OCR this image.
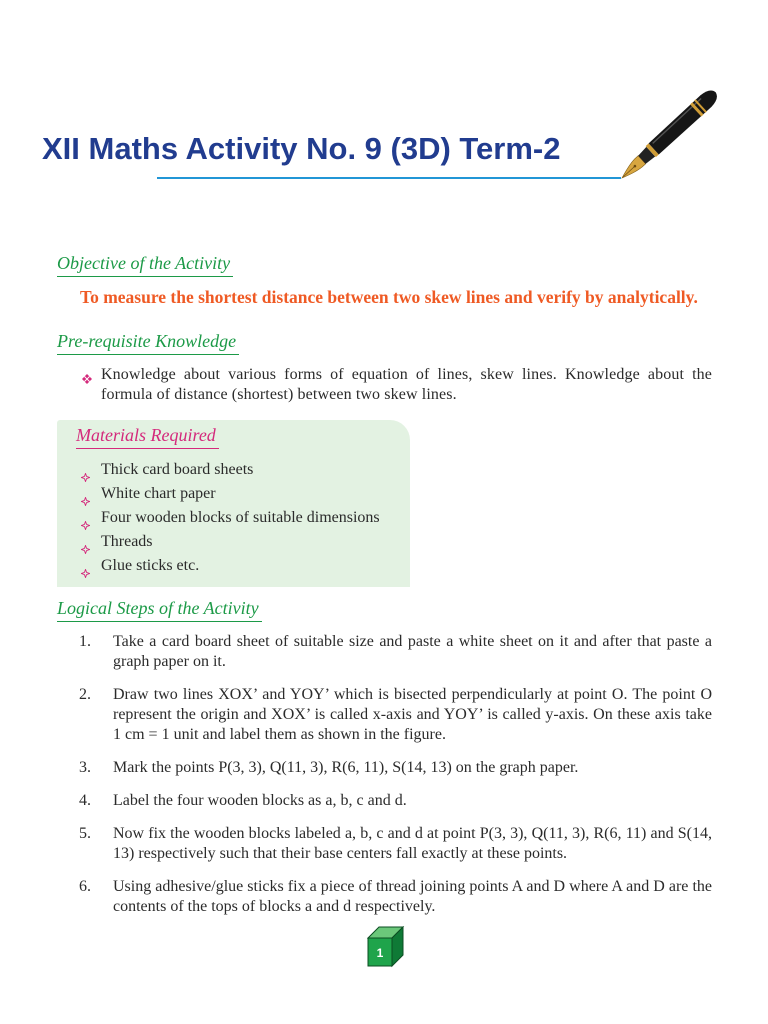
XII Maths Activity No. 9 (3D) Term-2
Objective of the Activity

To measure the shortest distance between two skew lines and verify by analytically.

Pre-requisite Knowledge
Knowledge about various forms of equation of lines, skew lines. Knowledge about the formula of distance (shortest) between two skew lines.
Materials Required
Thick card board sheets
White chart paper
Four wooden blocks of suitable dimensions
Threads
Glue sticks etc.
Logical Steps of the Activity
1.	Take a card board sheet of suitable size and paste a white sheet on it and after that paste a graph paper on it.
2.	Draw two lines XOX’ and YOY’ which is bisected perpendicularly at point O. The point O represent the origin and XOX’ is called x-axis and YOY’ is called y-axis. On these axis take 1 cm = 1 unit and label them as shown in the figure.
3.	Mark the points P(3, 3), Q(11, 3), R(6, 11), S(14, 13) on the graph paper.
4.	Label the four wooden blocks as a, b, c and d.
5.	Now fix the wooden blocks labeled a, b, c and d at point P(3, 3), Q(11, 3), R(6, 11) and S(14, 13) respectively such that their base centers fall exactly at these points.
6.	Using adhesive/glue sticks fix a piece of thread joining points A and D where A and D are the contents of the tops of blocks a and d respectively.
1
